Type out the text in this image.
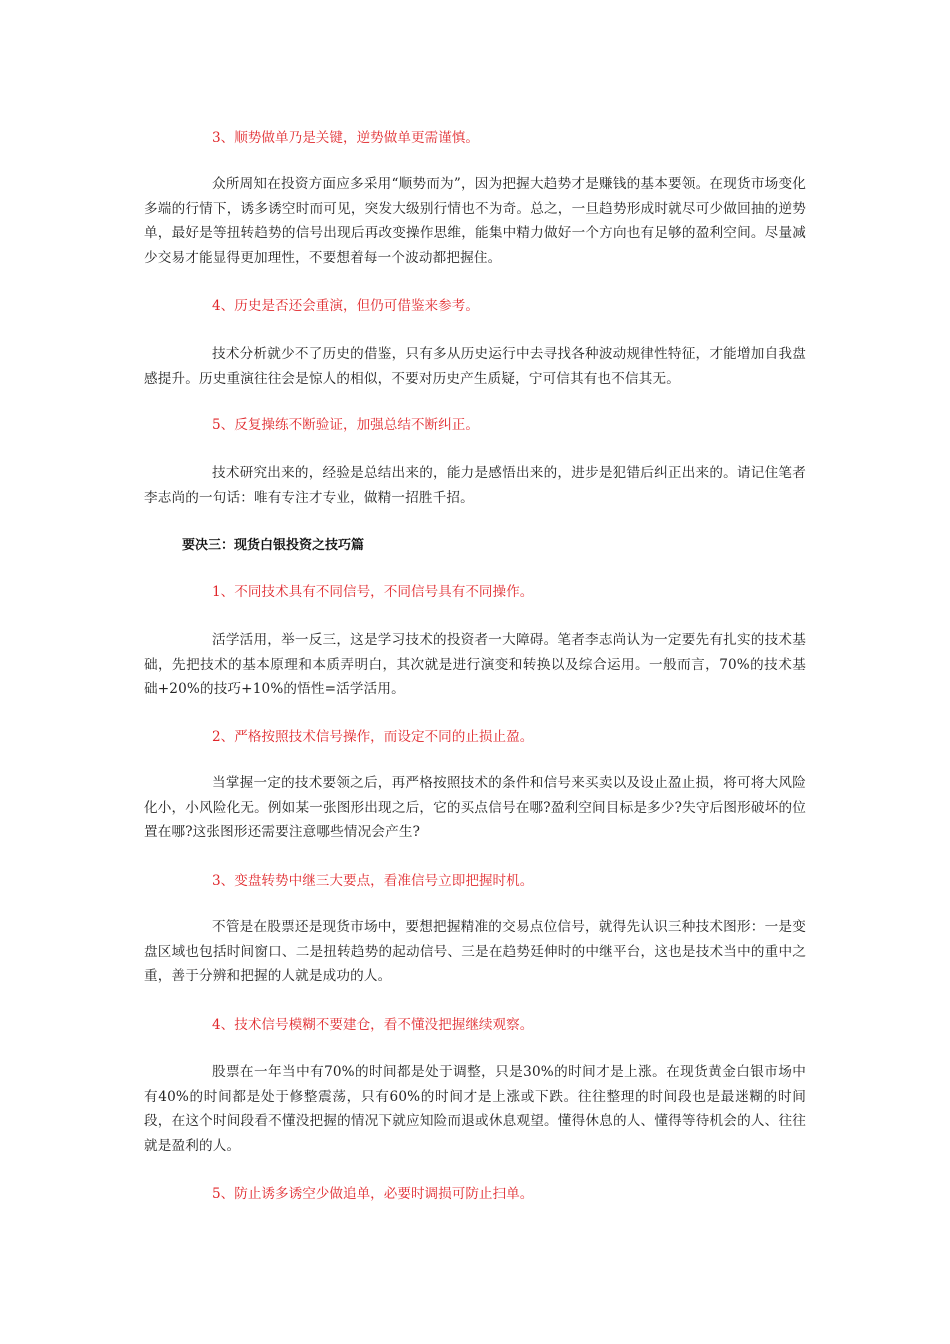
3、顺势做单乃是关键，逆势做单更需谨慎。

众所周知在投资方面应多采用“顺势而为”，因为把握大趋势才是赚钱的基本要领。在现货市场变化多端的行情下，诱多诱空时而可见，突发大级别行情也不为奇。总之，一旦趋势形成时就尽可少做回抽的逆势单，最好是等扭转趋势的信号出现后再改变操作思维，能集中精力做好一个方向也有足够的盈利空间。尽量减少交易才能显得更加理性，不要想着每一个波动都把握住。

4、历史是否还会重演，但仍可借鉴来参考。

技术分析就少不了历史的借鉴，只有多从历史运行中去寻找各种波动规律性特征，才能增加自我盘感提升。历史重演往往会是惊人的相似，不要对历史产生质疑，宁可信其有也不信其无。

5、反复操练不断验证，加强总结不断纠正。

技术研究出来的，经验是总结出来的，能力是感悟出来的，进步是犯错后纠正出来的。请记住笔者李志尚的一句话：唯有专注才专业，做精一招胜千招。

要决三：现货白银投资之技巧篇

1、不同技术具有不同信号，不同信号具有不同操作。

活学活用，举一反三，这是学习技术的投资者一大障碍。笔者李志尚认为一定要先有扎实的技术基础，先把技术的基本原理和本质弄明白，其次就是进行演变和转换以及综合运用。一般而言，70%的技术基础+20%的技巧+10%的悟性=活学活用。

2、严格按照技术信号操作，而设定不同的止损止盈。

当掌握一定的技术要领之后，再严格按照技术的条件和信号来买卖以及设止盈止损，将可将大风险化小，小风险化无。例如某一张图形出现之后，它的买点信号在哪?盈利空间目标是多少?失守后图形破坏的位置在哪?这张图形还需要注意哪些情况会产生?

3、变盘转势中继三大要点，看准信号立即把握时机。

不管是在股票还是现货市场中，要想把握精准的交易点位信号，就得先认识三种技术图形：一是变盘区域也包括时间窗口、二是扭转趋势的起动信号、三是在趋势廷伸时的中继平台，这也是技术当中的重中之重，善于分辨和把握的人就是成功的人。

4、技术信号模糊不要建仓，看不懂没把握继续观察。

股票在一年当中有70%的时间都是处于调整，只是30%的时间才是上涨。在现货黄金白银市场中有40%的时间都是处于修整震荡，只有60%的时间才是上涨或下跌。往往整理的时间段也是最迷糊的时间段，在这个时间段看不懂没把握的情况下就应知险而退或休息观望。懂得休息的人、懂得等待机会的人、往往就是盈利的人。

5、防止诱多诱空少做追单，必要时调损可防止扫单。
